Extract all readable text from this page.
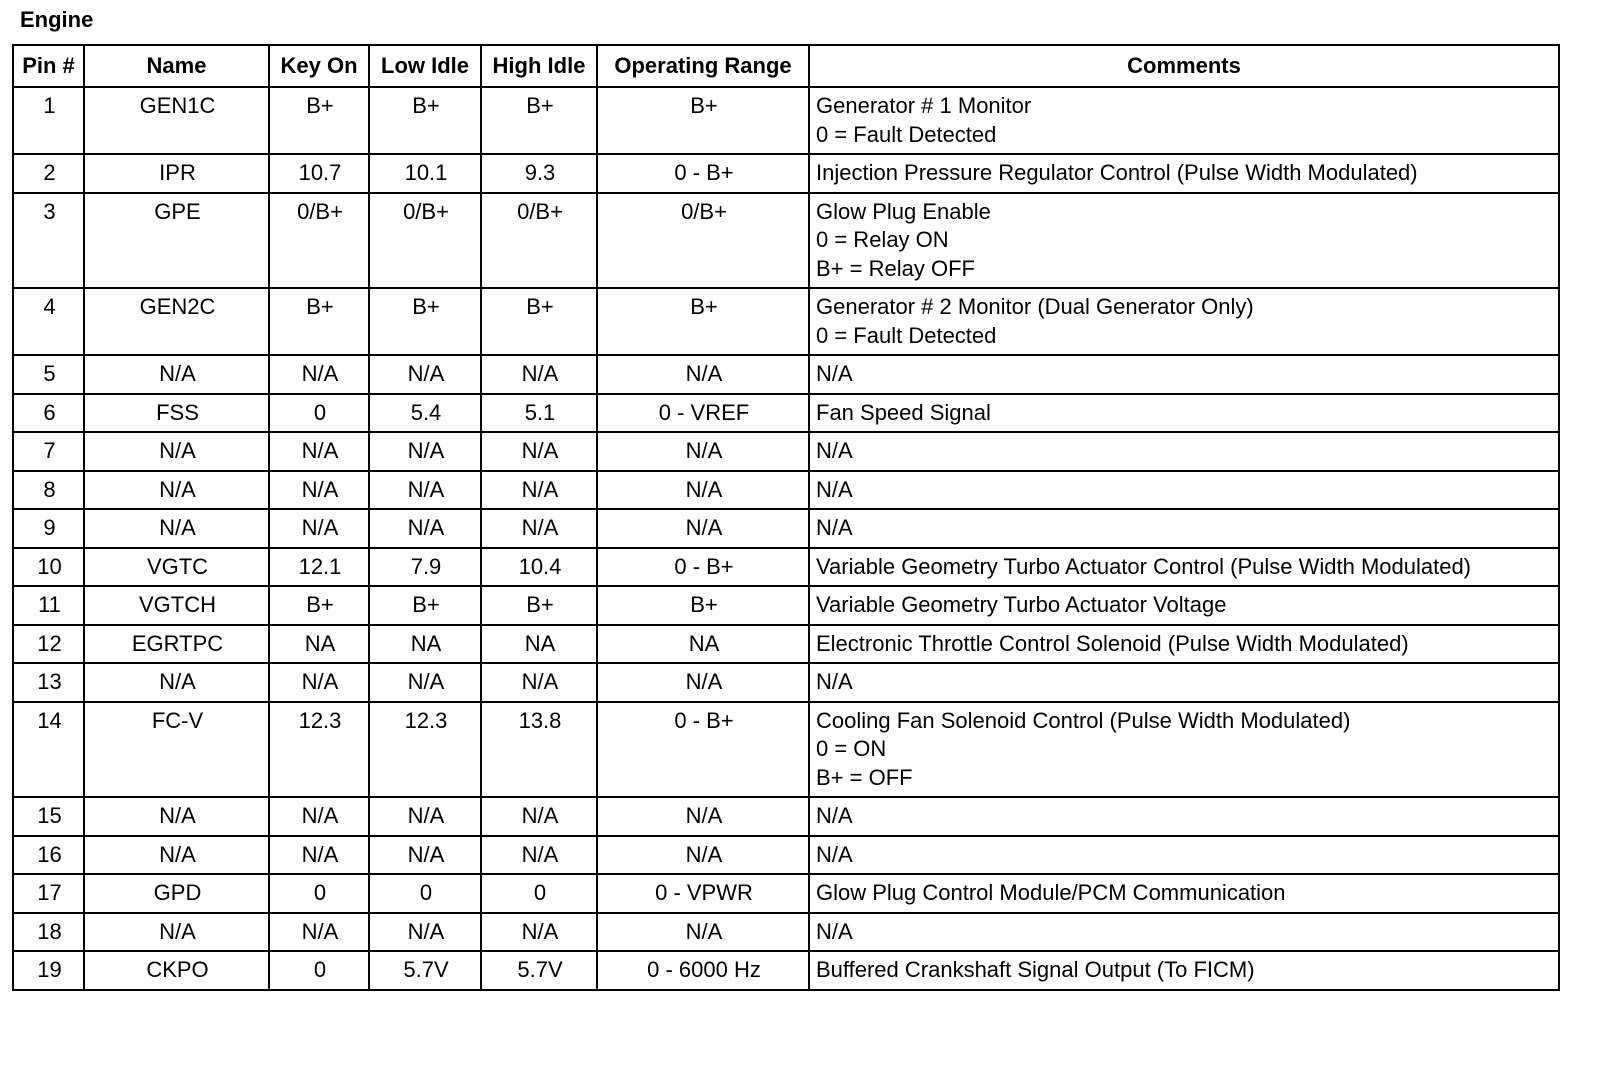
Engine
Pin #	Name	Key On	Low Idle	High Idle	Operating Range	Comments
1	GEN1C	B+	B+	B+	B+	Generator # 1 Monitor
0 = Fault Detected

2	IPR	10.7	10.1	9.3	0 - B+	Injection Pressure Regulator Control (Pulse Width Modulated)

3	GPE	0/B+	0/B+	0/B+	0/B+	Glow Plug Enable
0 = Relay ON
B+ = Relay OFF

4	GEN2C	B+	B+	B+	B+	Generator # 2 Monitor (Dual Generator Only)
0 = Fault Detected

5	N/A	N/A	N/A	N/A	N/A	N/A

6	FSS	0	5.4	5.1	0 - VREF	Fan Speed Signal

7	N/A	N/A	N/A	N/A	N/A	N/A

8	N/A	N/A	N/A	N/A	N/A	N/A

9	N/A	N/A	N/A	N/A	N/A	N/A

10	VGTC	12.1	7.9	10.4	0 - B+	Variable Geometry Turbo Actuator Control (Pulse Width Modulated)

11	VGTCH	B+	B+	B+	B+	Variable Geometry Turbo Actuator Voltage

12	EGRTPC	NA	NA	NA	NA	Electronic Throttle Control Solenoid (Pulse Width Modulated)

13	N/A	N/A	N/A	N/A	N/A	N/A

14	FC-V	12.3	12.3	13.8	0 - B+	Cooling Fan Solenoid Control (Pulse Width Modulated)
0 = ON
B+ = OFF

15	N/A	N/A	N/A	N/A	N/A	N/A

16	N/A	N/A	N/A	N/A	N/A	N/A

17	GPD	0	0	0	0 - VPWR	Glow Plug Control Module/PCM Communication

18	N/A	N/A	N/A	N/A	N/A	N/A

19	CKPO	0	5.7V	5.7V	0 - 6000 Hz	Buffered Crankshaft Signal Output (To FICM)
